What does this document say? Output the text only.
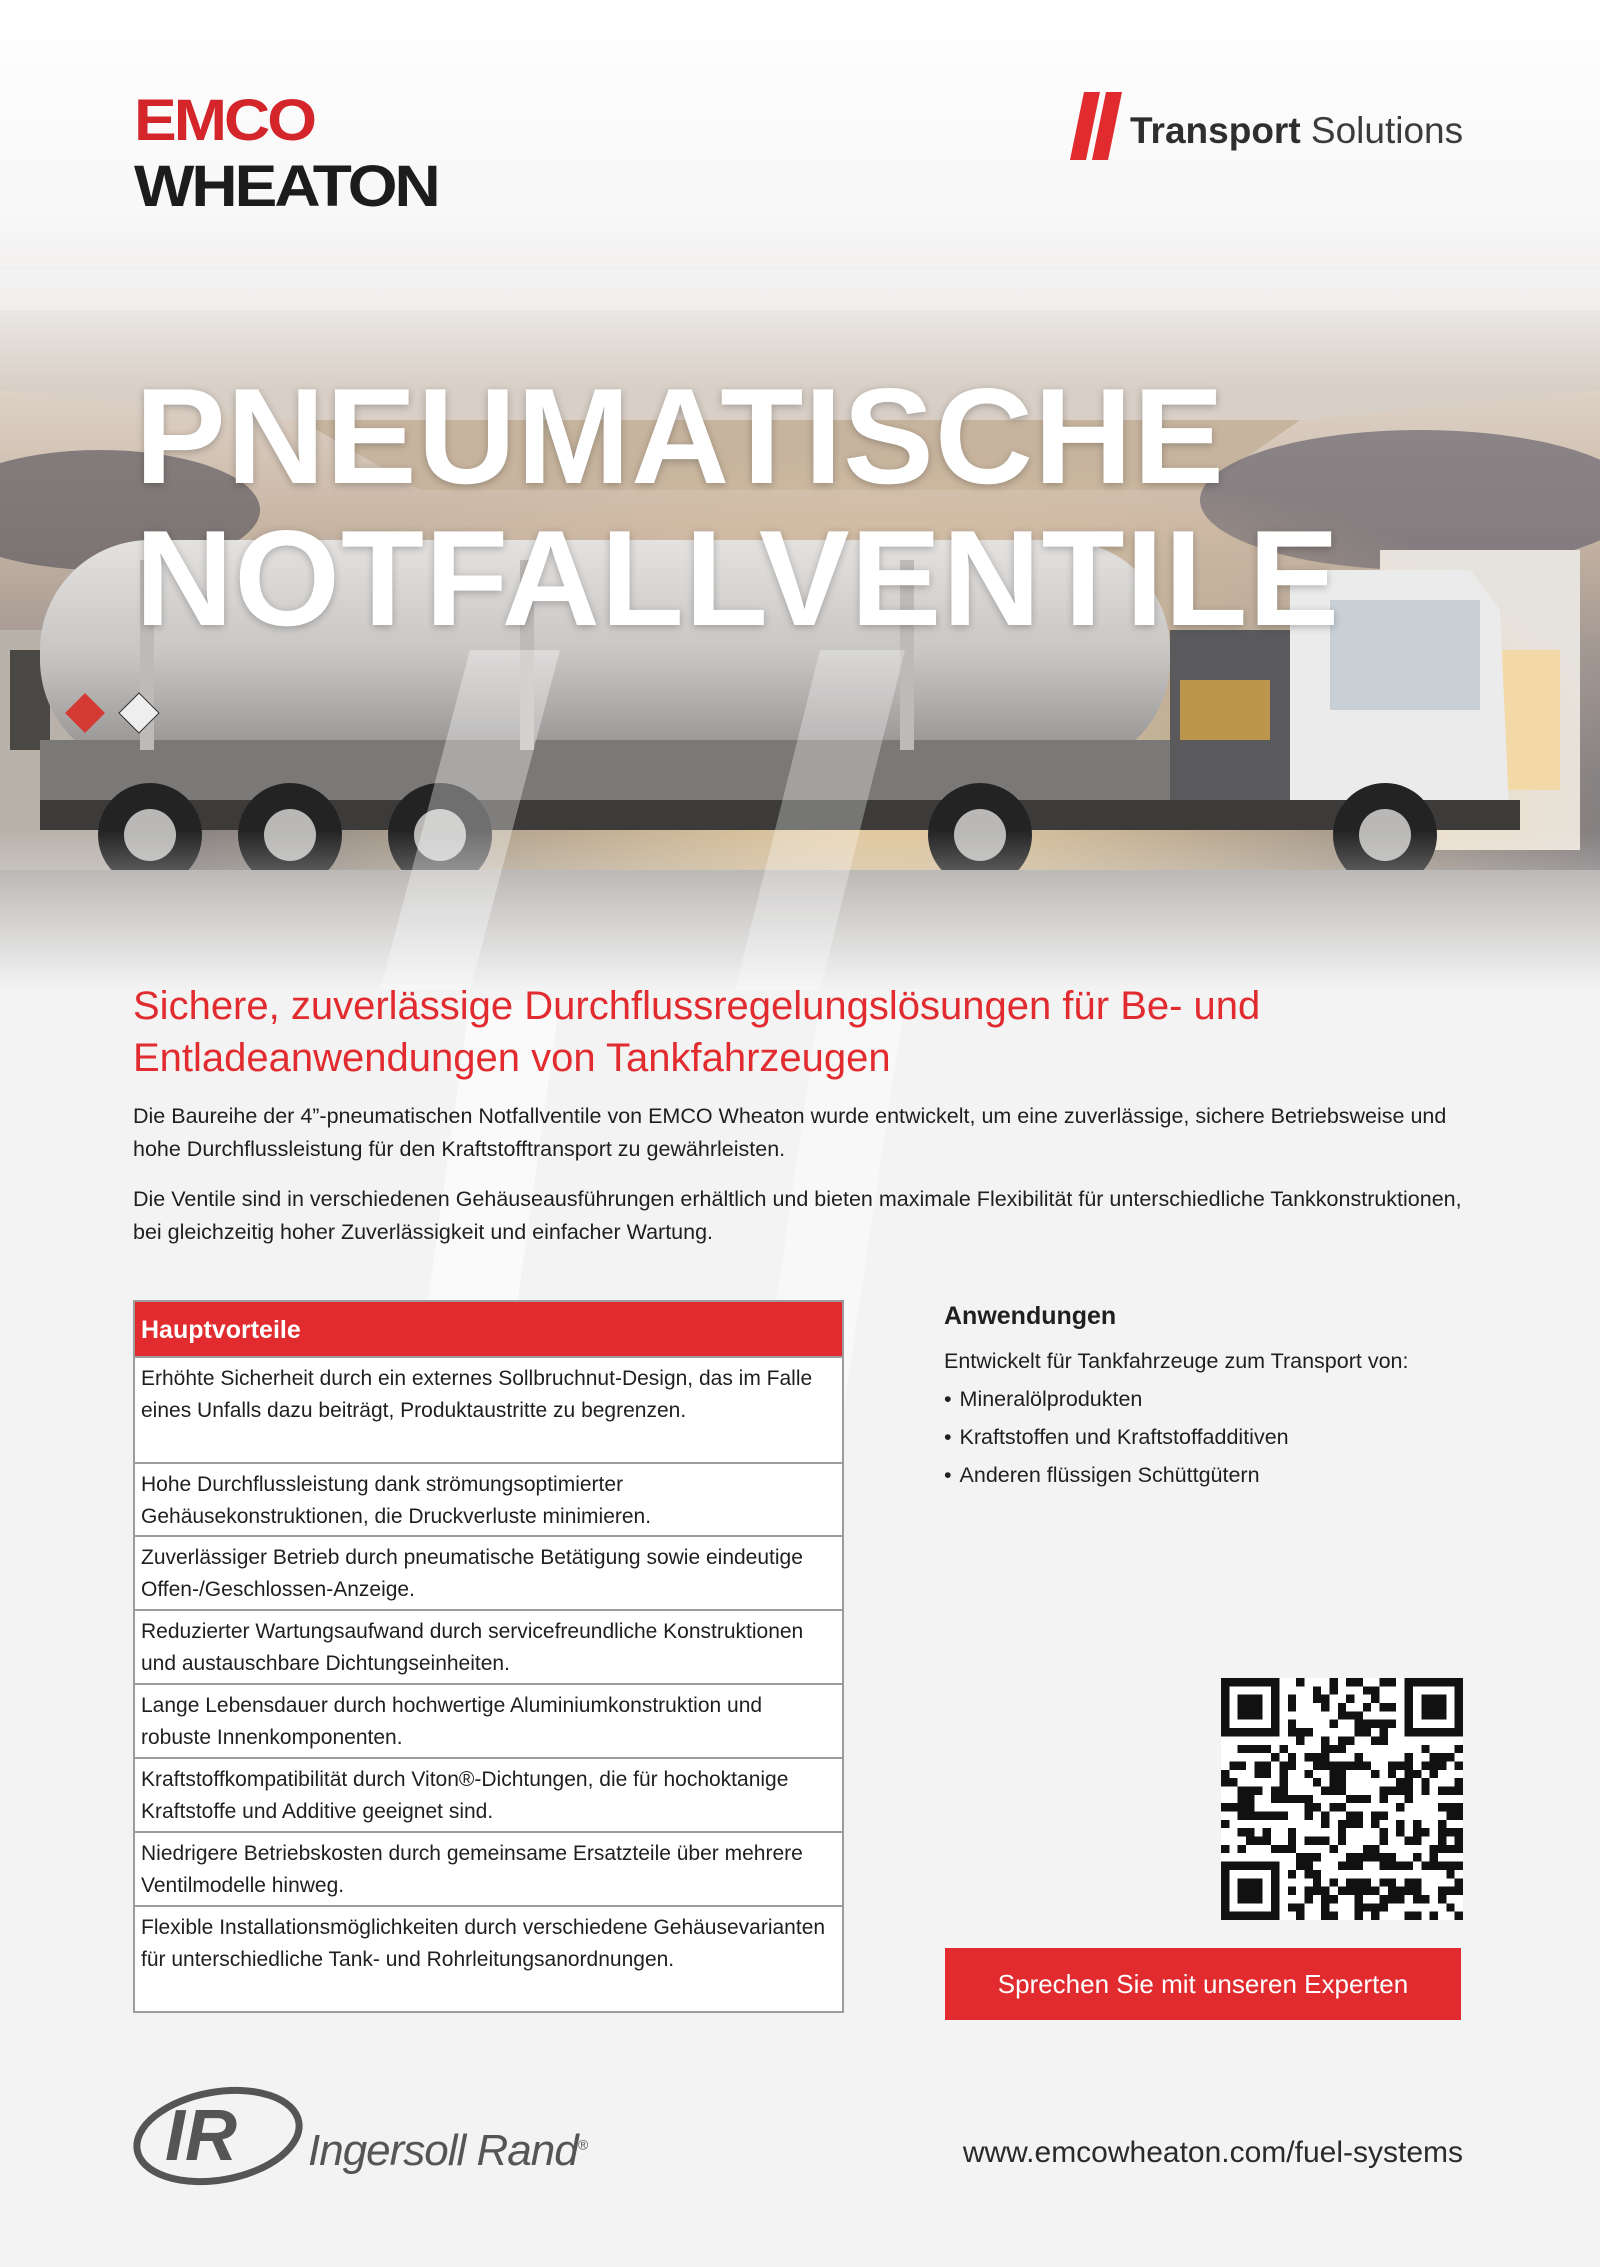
EMCO
WHEATON
Transport Solutions
PNEUMATISCHE
NOTFALLVENTILE
Sichere, zuverlässige Durchflussregelungslösungen für Be- und Entladeanwendungen von Tankfahrzeugen

Die Baureihe der 4”-pneumatischen Notfallventile von EMCO Wheaton wurde entwickelt, um eine zuverlässige, sichere Betriebsweise und hohe Durchflussleistung für den Kraftstofftransport zu gewährleisten.

Die Ventile sind in verschiedenen Gehäuseausführungen erhältlich und bieten maximale Flexibilität für unterschiedliche Tankkonstruktionen, bei gleichzeitig hoher Zuverlässigkeit und einfacher Wartung.

Hauptvorteile
Erhöhte Sicherheit durch ein externes Sollbruchnut-Design, das im Falle eines Unfalls dazu beiträgt, Produktaustritte zu begrenzen.
Hohe Durchflussleistung dank strömungsoptimierter Gehäusekonstruktionen, die Druckverluste minimieren.
Zuverlässiger Betrieb durch pneumatische Betätigung sowie eindeutige Offen-/Geschlossen-Anzeige.
Reduzierter Wartungsaufwand durch servicefreundliche Konstruktionen und austauschbare Dichtungseinheiten.
Lange Lebensdauer durch hochwertige Aluminiumkonstruktion und robuste Innenkomponenten.
Kraftstoffkompatibilität durch Viton®-Dichtungen, die für hochoktanige Kraftstoffe und Additive geeignet sind.
Niedrigere Betriebskosten durch gemeinsame Ersatzteile über mehrere Ventilmodelle hinweg.
Flexible Installationsmöglichkeiten durch verschiedene Gehäusevarianten für unterschiedliche Tank- und Rohrleitungsanordnungen.
Anwendungen

Entwickelt für Tankfahrzeuge zum Transport von:

• Mineralölprodukten
• Kraftstoffen und Kraftstoffadditiven
• Anderen flüssigen Schüttgütern
Sprechen Sie mit unseren Experten
IR Ingersoll Rand®	www.emcowheaton.com/fuel-systems
